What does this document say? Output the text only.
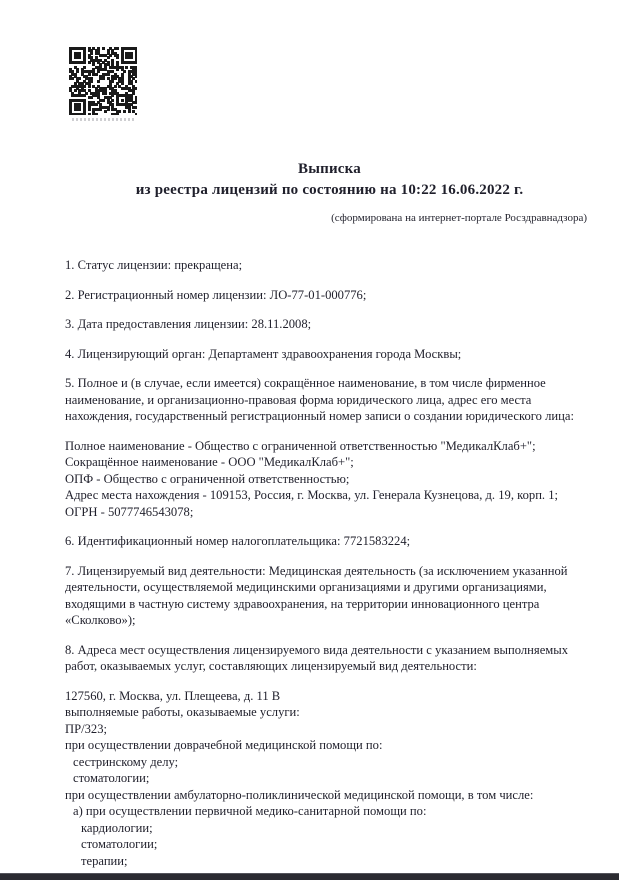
Выписка
из реестра лицензий по состоянию на 10:22 16.06.2022 г.
(сформирована на интернет-портале Росздравнадзора)
1. Статус лицензии: прекращена;
2. Регистрационный номер лицензии: ЛО-77-01-000776;
3. Дата предоставления лицензии: 28.11.2008;
4. Лицензирующий орган: Департамент здравоохранения города Москвы;
5. Полное и (в случае, если имеется) сокращённое наименование, в том числе фирменное
наименование, и организационно-правовая форма юридического лица, адрес его места
нахождения, государственный регистрационный номер записи о создании юридического лица:
Полное наименование - Общество с ограниченной ответственностью "МедикалКлаб+";
Сокращённое наименование - ООО "МедикалКлаб+";
ОПФ - Общество с ограниченной ответственностью;
Адрес места нахождения - 109153, Россия, г. Москва, ул. Генерала Кузнецова, д. 19, корп. 1;
ОГРН - 5077746543078;
6. Идентификационный номер налогоплательщика: 7721583224;
7. Лицензируемый вид деятельности: Медицинская деятельность (за исключением указанной
деятельности, осуществляемой медицинскими организациями и другими организациями,
входящими в частную систему здравоохранения, на территории инновационного центра
«Сколково»);
8. Адреса мест осуществления лицензируемого вида деятельности с указанием выполняемых
работ, оказываемых услуг, составляющих лицензируемый вид деятельности:
127560, г. Москва, ул. Плещеева, д. 11 В
выполняемые работы, оказываемые услуги:
ПР/323;
при осуществлении доврачебной медицинской помощи по:
сестринскому делу;
стоматологии;
при осуществлении амбулаторно-поликлинической медицинской помощи, в том числе:
а) при осуществлении первичной медико-санитарной помощи по:
кардиологии;
стоматологии;
терапии;
